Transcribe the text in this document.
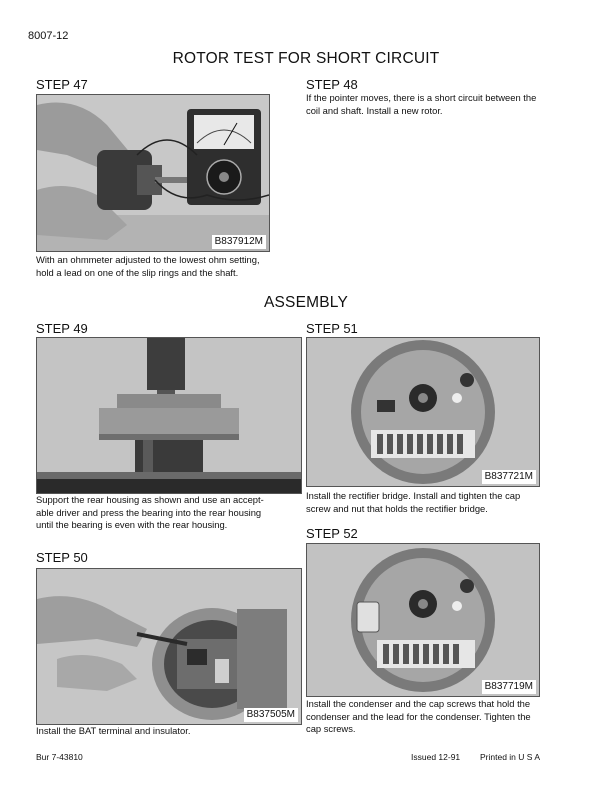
8007-12
ROTOR TEST FOR SHORT CIRCUIT
STEP 47
B837912M
With an ohmmeter adjusted to the lowest ohm setting,
hold a lead on one of the slip rings and the shaft.
STEP 48
If the pointer moves, there is a short circuit between the
coil and shaft. Install a new rotor.
ASSEMBLY
STEP 49
Support the rear housing as shown and use an accept-
able driver and press the bearing into the rear housing
until the bearing is even with the rear housing.
STEP 50
B837505M
Install the BAT terminal and insulator.
STEP 51
B837721M
Install the rectifier bridge. Install and tighten the cap
screw and nut that holds the rectifier bridge.
STEP 52
B837719M
Install the condenser and the cap screws that hold the
condenser and the lead for the condenser. Tighten the
cap screws.
Bur 7-43810	Issued 12-91 Printed in U S A
